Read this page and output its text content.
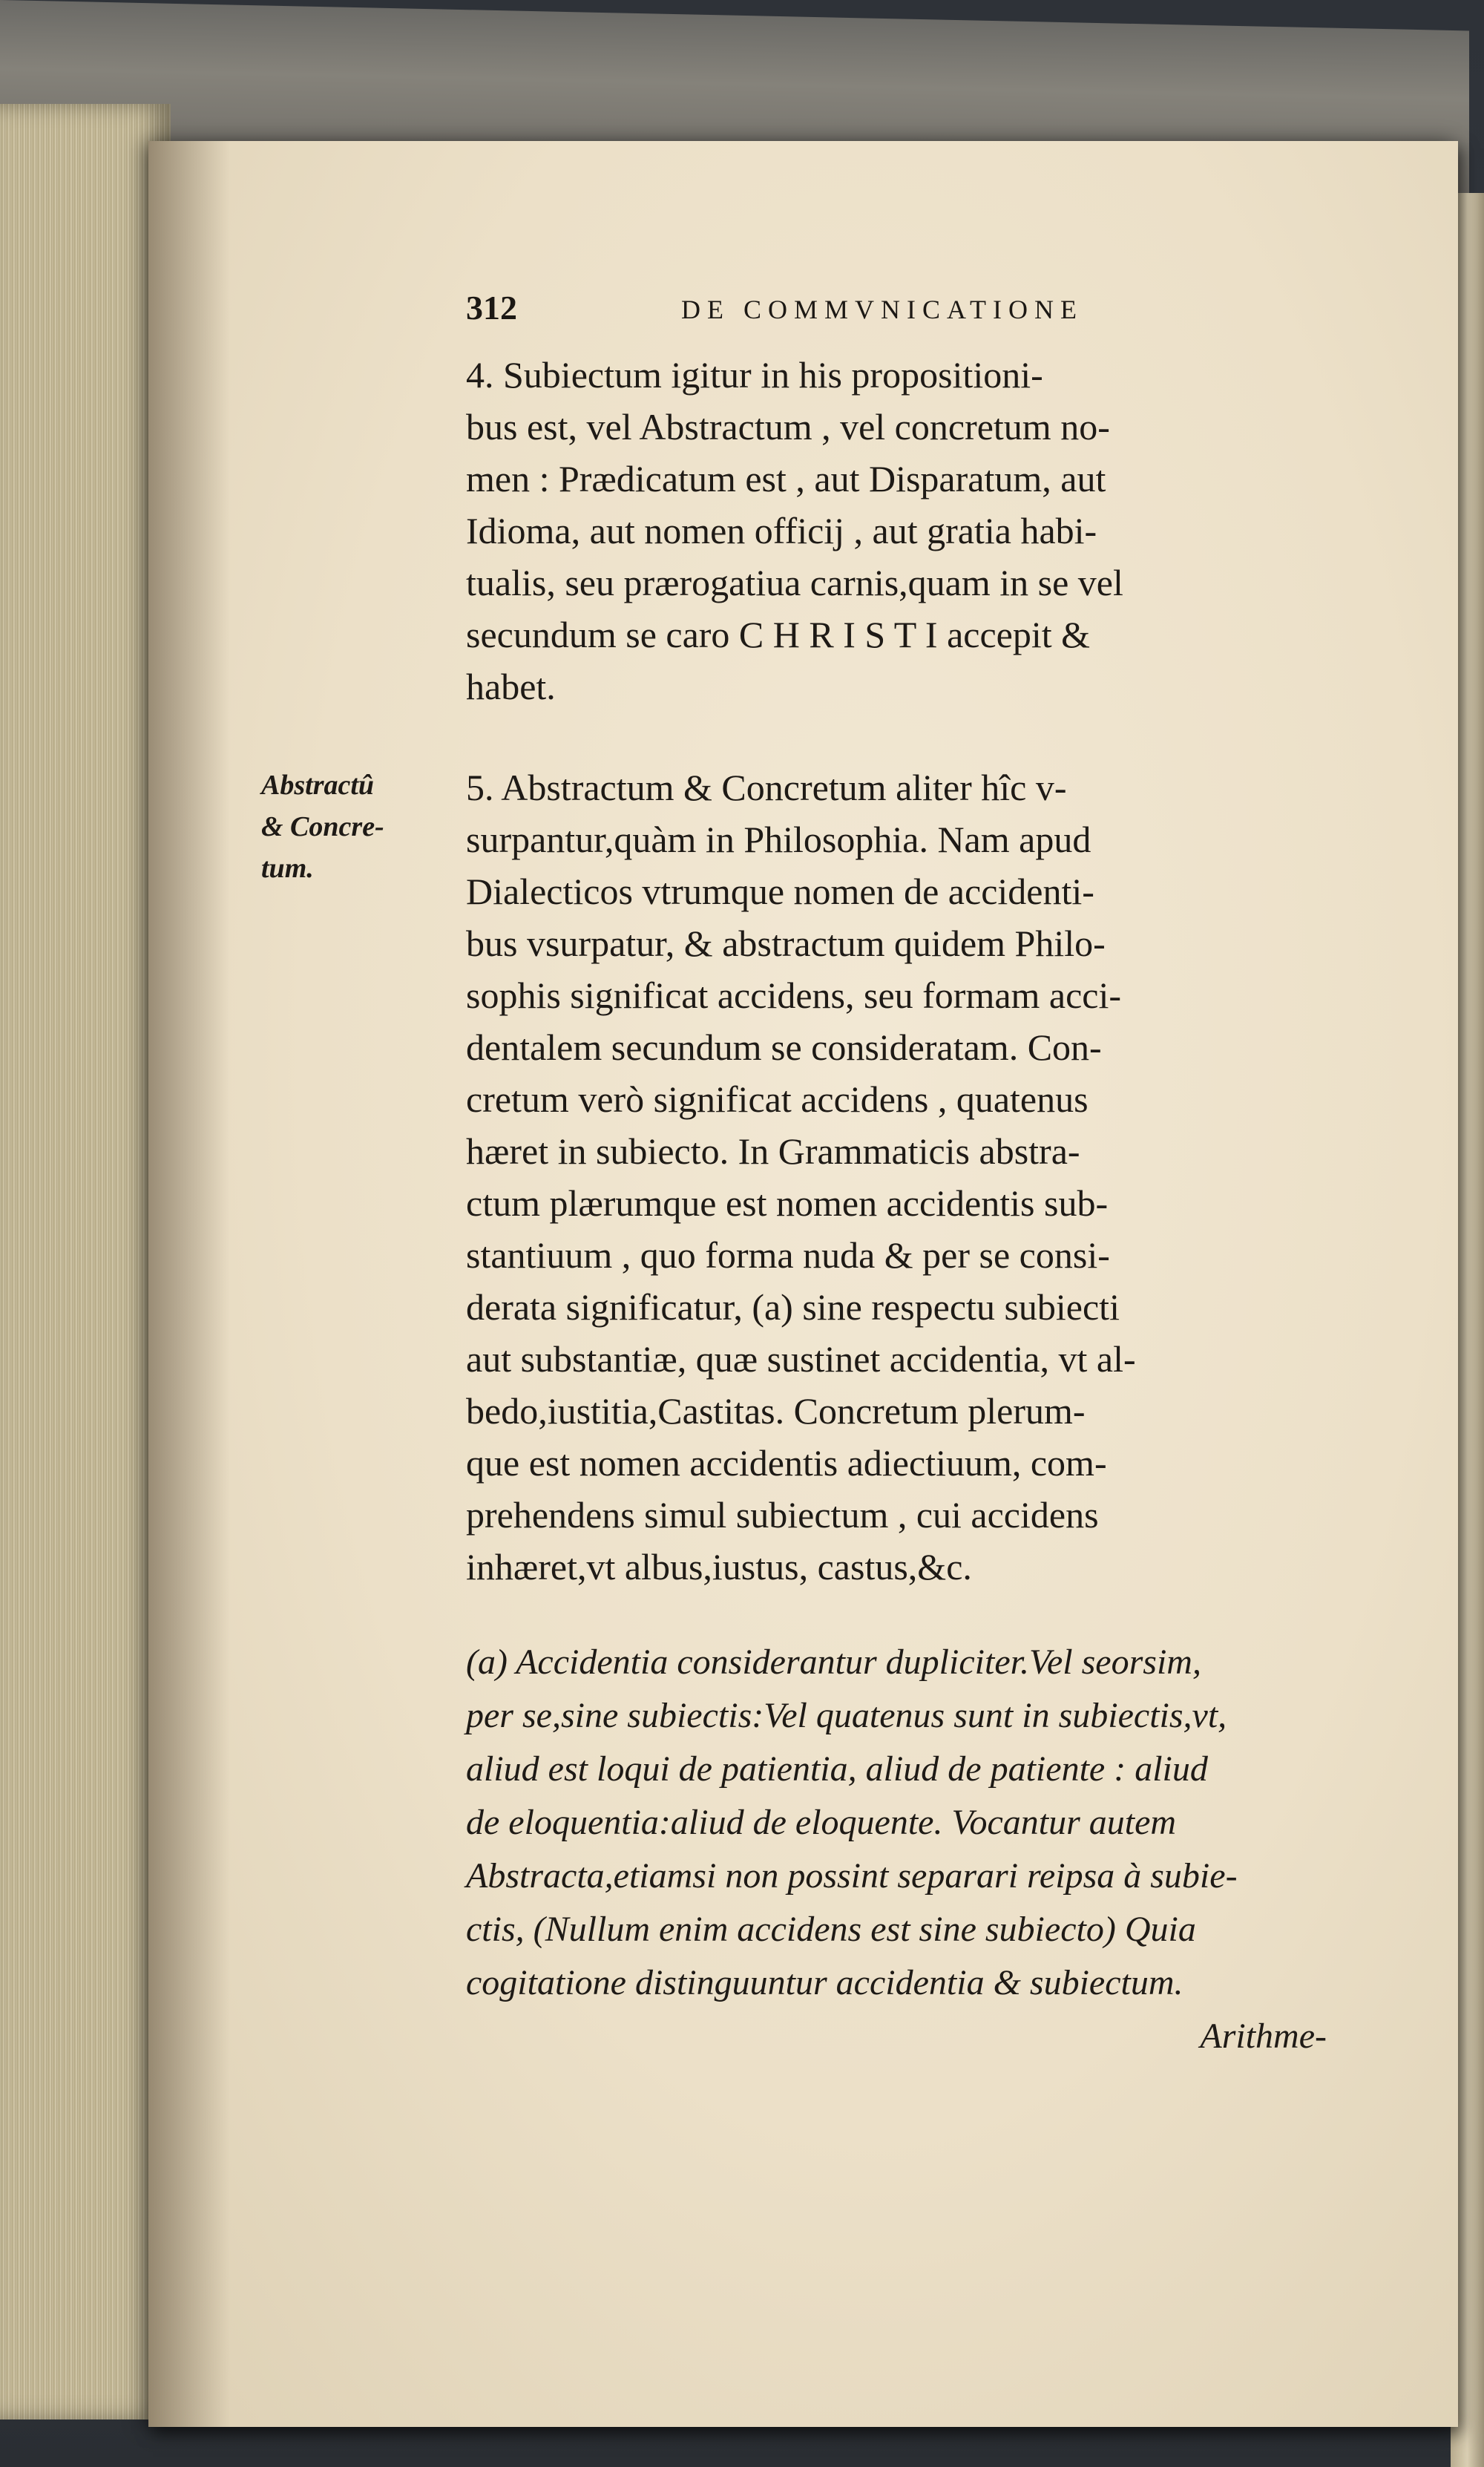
312	DE COMMVNICATIONE
Abstractû
& Concre-
tum.

4. Subiectum igitur in his propositioni-
bus est, vel Abstractum , vel concretum no-
men : Prædicatum est , aut Disparatum, aut
Idioma, aut nomen officij , aut gratia habi-
tualis, seu prærogatiua carnis,quam in se vel
secundum se caro C H R I S T I accepit &
habet.

5. Abstractum & Concretum aliter hîc v-
surpantur,quàm in Philosophia. Nam apud
Dialecticos vtrumque nomen de accidenti-
bus vsurpatur, & abstractum quidem Philo-
sophis significat accidens, seu formam acci-
dentalem secundum se consideratam. Con-
cretum verò significat accidens , quatenus
hæret in subiecto. In Grammaticis abstra-
ctum plærumque est nomen accidentis sub-
stantiuum , quo forma nuda & per se consi-
derata significatur, (a) sine respectu subiecti
aut substantiæ, quæ sustinet accidentia, vt al-
bedo,iustitia,Castitas. Concretum plerum-
que est nomen accidentis adiectiuum, com-
prehendens simul subiectum , cui accidens
inhæret,vt albus,iustus, castus,&c.

(a) Accidentia considerantur dupliciter.Vel seorsim,
per se,sine subiectis:Vel quatenus sunt in subiectis,vt,
aliud est loqui de patientia, aliud de patiente : aliud
de eloquentia:aliud de eloquente. Vocantur autem
Abstracta,etiamsi non possint separari reipsa à subie-
ctis, (Nullum enim accidens est sine subiecto) Quia
cogitatione distinguuntur accidentia & subiectum.
Arithme-
